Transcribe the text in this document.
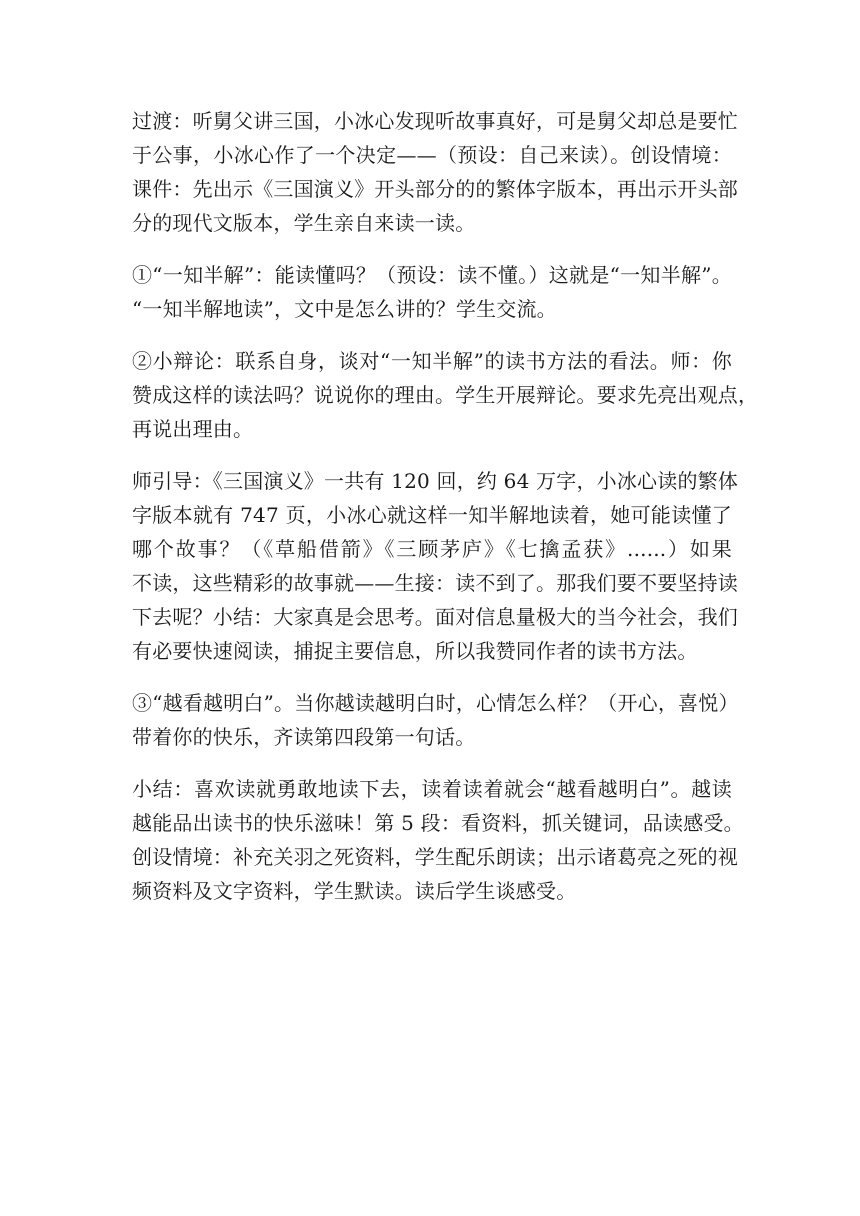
过渡：听舅父讲三国，小冰心发现听故事真好，可是舅父却总是要忙
于公事，小冰心作了一个决定——（预设：自己来读）。创设情境：
课件：先出示《三国演义》开头部分的的繁体字版本，再出示开头部
分的现代文版本，学生亲自来读一读。
①“一知半解”：能读懂吗？（预设：读不懂。）这就是“一知半解”。
“一知半解地读”，文中是怎么讲的？学生交流。
②小辩论：联系自身，谈对“一知半解”的读书方法的看法。师：你
赞成这样的读法吗？说说你的理由。学生开展辩论。要求先亮出观点，
再说出理由。
师引导：《三国演义》一共有 120 回，约 64 万字，小冰心读的繁体
字版本就有 747 页，小冰心就这样一知半解地读着，她可能读懂了
哪个故事？（《草船借箭》《三顾茅庐》《七擒孟获》......）如果
不读，这些精彩的故事就——生接：读不到了。那我们要不要坚持读
下去呢？小结：大家真是会思考。面对信息量极大的当今社会，我们
有必要快速阅读，捕捉主要信息，所以我赞同作者的读书方法。
③“越看越明白”。当你越读越明白时，心情怎么样？（开心，喜悦）
带着你的快乐，齐读第四段第一句话。
小结：喜欢读就勇敢地读下去，读着读着就会“越看越明白”。越读
越能品出读书的快乐滋味！第 5 段：看资料，抓关键词，品读感受。
创设情境：补充关羽之死资料，学生配乐朗读；出示诸葛亮之死的视
频资料及文字资料，学生默读。读后学生谈感受。
